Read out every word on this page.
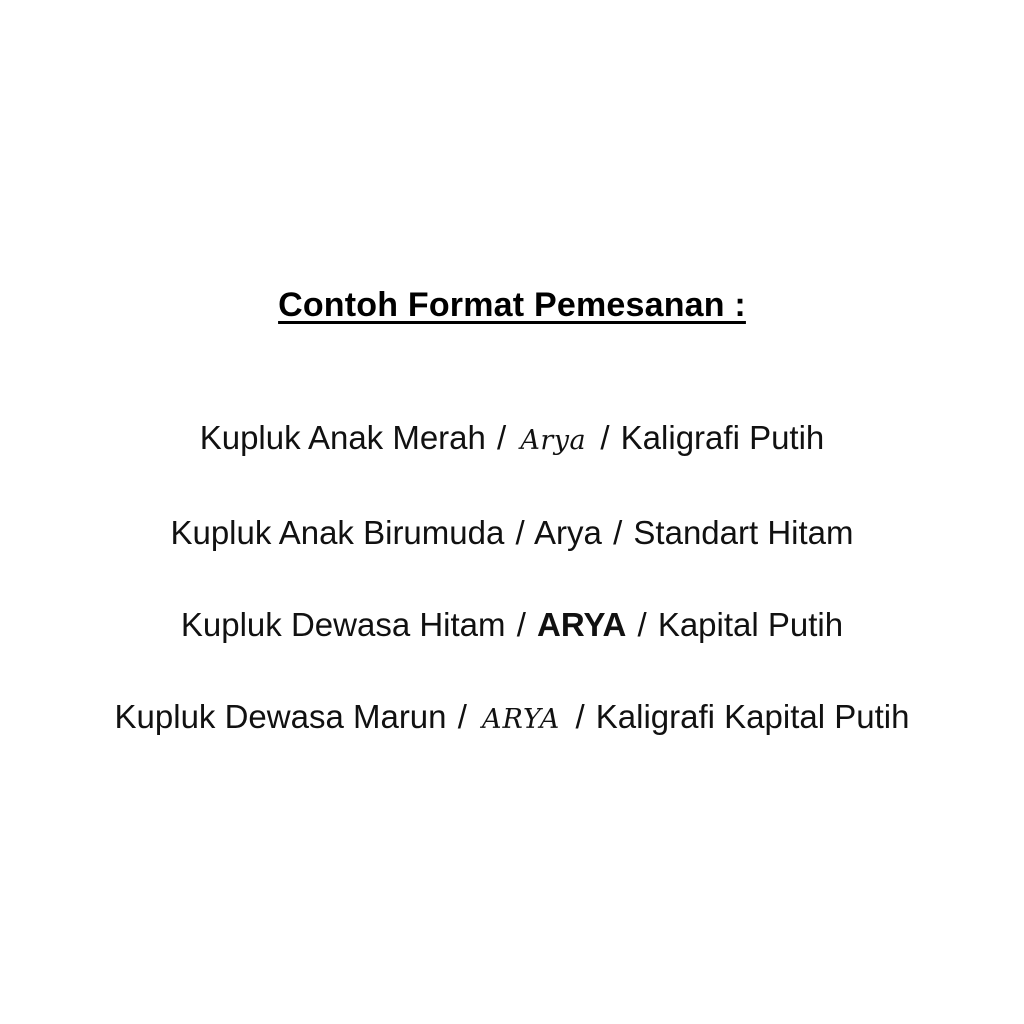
Contoh Format Pemesanan :
Kupluk Anak Merah / Arya / Kaligrafi Putih
Kupluk Anak Birumuda / Arya / Standart Hitam
Kupluk Dewasa Hitam / ARYA / Kapital Putih
Kupluk Dewasa Marun / ARYA / Kaligrafi Kapital Putih
